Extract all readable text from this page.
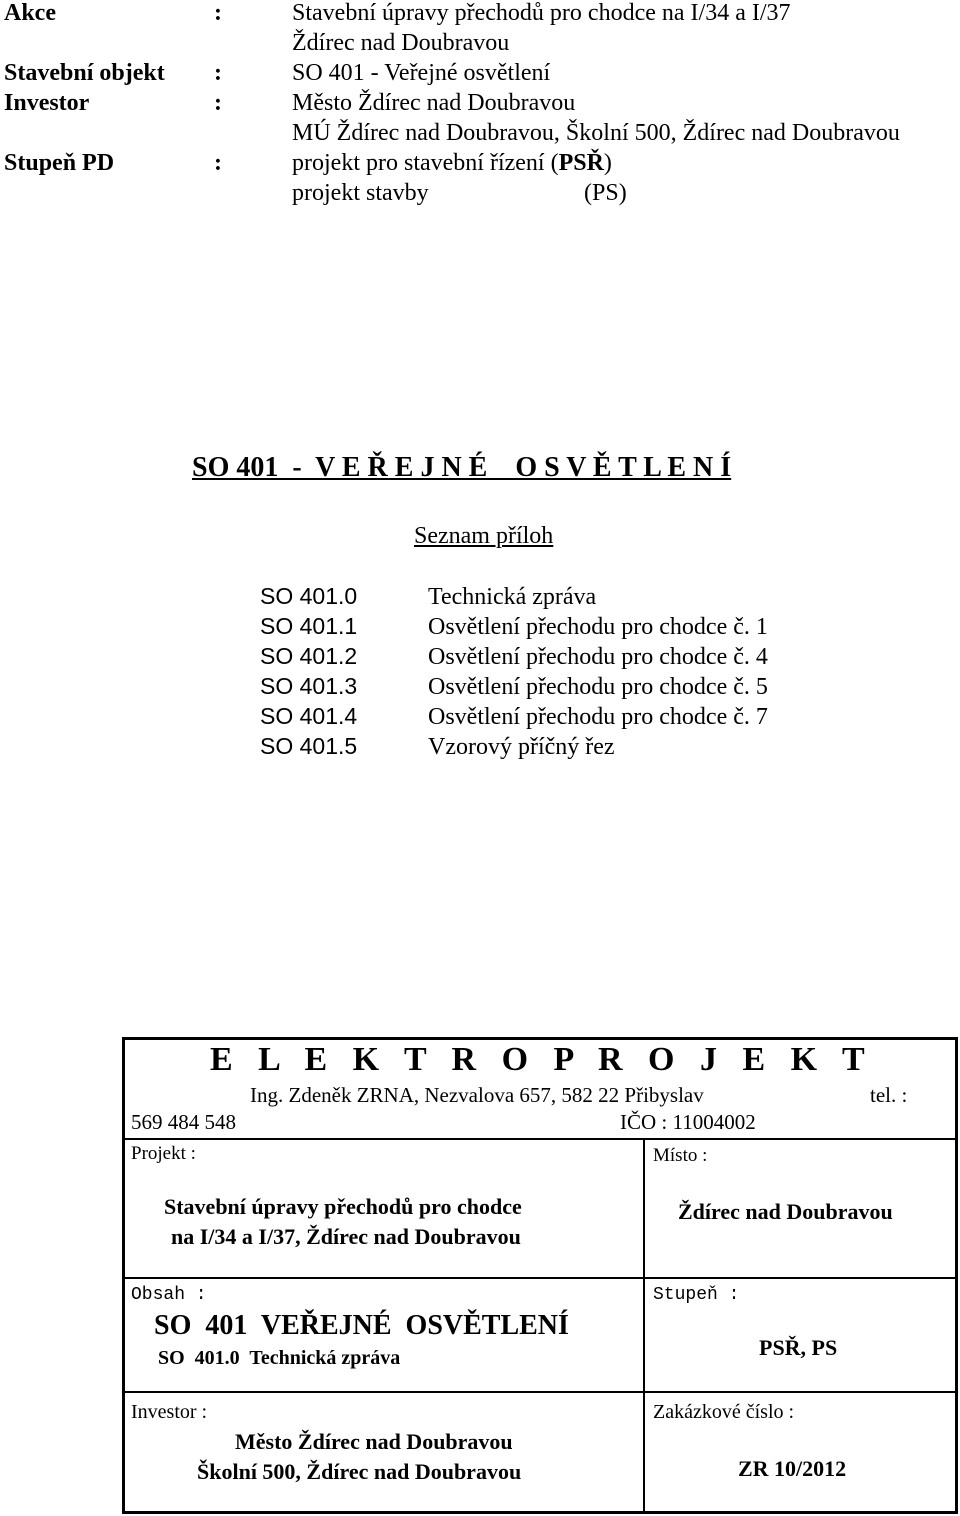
Akce	:	Stavební úpravy přechodů pro chodce na I/34 a I/37
Ždírec nad Doubravou
Stavební objekt :	SO 401 - Veřejné osvětlení
Investor	:	Město Ždírec nad Doubravou
MÚ Ždírec nad Doubravou, Školní 500, Ždírec nad Doubravou
Stupeň PD	:	projekt pro stavební řízení (PSŘ)
projekt stavby	(PS)
SO 401  -  V E Ř E J N É    O S V Ě T L E N Í
Seznam příloh
SO 401.0	Technická zpráva
SO 401.1	Osvětlení přechodu pro chodce č. 1
SO 401.2	Osvětlení přechodu pro chodce č. 4
SO 401.3	Osvětlení přechodu pro chodce č. 5
SO 401.4	Osvětlení přechodu pro chodce č. 7
SO 401.5	Vzorový příčný řez
E   L   E   K   T   R   O   P   R   O   J   E   K   T
Ing. Zdeněk ZRNA, Nezvalova 657, 582 22 Přibyslav	tel. :
569 484 548	IČO : 11004002
Projekt :
Stavební úpravy přechodů pro chodce
na I/34 a I/37, Ždírec nad Doubravou
Místo :
Ždírec nad Doubravou
Obsah :
SO  401  VEŘEJNÉ  OSVĚTLENÍ
SO  401.0  Technická zpráva
Stupeň :
PSŘ, PS
Investor :
Město Ždírec nad Doubravou
Školní 500, Ždírec nad Doubravou
Zakázkové číslo :
ZR 10/2012
